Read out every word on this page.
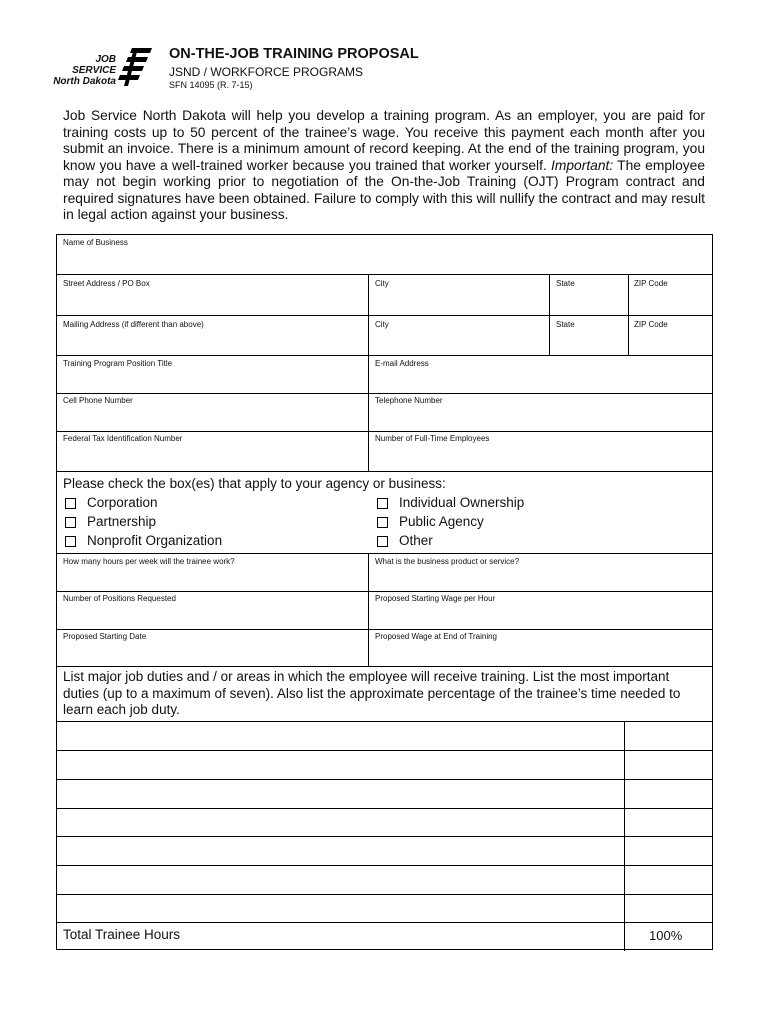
JOB
SERVICE
North Dakota
ON-THE-JOB TRAINING PROPOSAL
JSND / WORKFORCE PROGRAMS
SFN 14095 (R. 7-15)
Job Service North Dakota will help you develop a training program. As an employer, you are paid for training costs up to 50 percent of the trainee’s wage. You receive this payment each month after you submit an invoice. There is a minimum amount of record keeping. At the end of the training program, you know you have a well-trained worker because you trained that worker yourself. Important: The employee may not begin working prior to negotiation of the On-the-Job Training (OJT) Program contract and required signatures have been obtained. Failure to comply with this will nullify the contract and may result in legal action against your business.
Name of Business
Street Address / PO Box	City	State	ZIP Code
Mailing Address (if different than above)	City	State	ZIP Code
Training Program Position Title	E-mail Address
Cell Phone Number	Telephone Number
Federal Tax Identification Number	Number of Full-Time Employees
Please check the box(es) that apply to your agency or business:
Corporation
Partnership
Nonprofit Organization
Individual Ownership
Public Agency
Other
How many hours per week will the trainee work?	What is the business product or service?
Number of Positions Requested	Proposed Starting Wage per Hour
Proposed Starting Date	Proposed Wage at End of Training
List major job duties and / or areas in which the employee will receive training. List the most important duties (up to a maximum of seven). Also list the approximate percentage of the trainee’s time needed to learn each job duty.
Total Trainee Hours	100%
